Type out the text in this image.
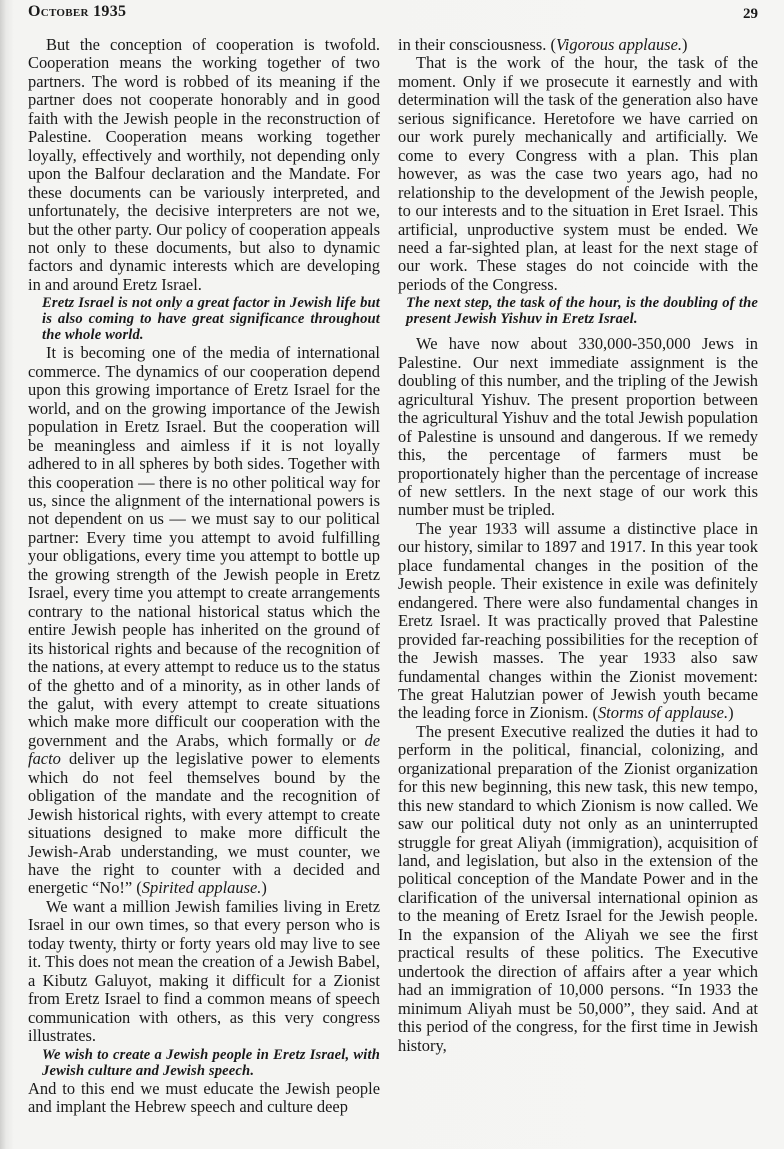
October 1935	29

But the conception of cooperation is twofold. Cooperation means the working together of two partners. The word is robbed of its meaning if the partner does not cooperate honorably and in good faith with the Jewish people in the reconstruction of Palestine. Cooperation means working together loyally, effectively and worthily, not depending only upon the Balfour declaration and the Mandate. For these documents can be variously interpreted, and unfortunately, the decisive interpreters are not we, but the other party. Our policy of cooperation appeals not only to these documents, but also to dynamic factors and dynamic interests which are developing in and around Eretz Israel.

Eretz Israel is not only a great factor in Jewish life but is also coming to have great significance throughout the whole world.

It is becoming one of the media of international commerce. The dynamics of our cooperation depend upon this growing importance of Eretz Israel for the world, and on the growing importance of the Jewish population in Eretz Israel. But the cooperation will be meaningless and aimless if it is not loyally adhered to in all spheres by both sides. Together with this cooperation — there is no other political way for us, since the alignment of the international powers is not dependent on us — we must say to our political partner: Every time you attempt to avoid fulfilling your obligations, every time you attempt to bottle up the growing strength of the Jewish people in Eretz Israel, every time you attempt to create arrangements contrary to the national historical status which the entire Jewish people has inherited on the ground of its historical rights and because of the recognition of the nations, at every attempt to reduce us to the status of the ghetto and of a minority, as in other lands of the galut, with every attempt to create situations which make more difficult our cooperation with the government and the Arabs, which formally or de facto deliver up the legislative power to elements which do not feel themselves bound by the obligation of the mandate and the recognition of Jewish historical rights, with every attempt to create situations designed to make more difficult the Jewish-Arab understanding, we must counter, we have the right to counter with a decided and energetic “No!” (Spirited applause.)

We want a million Jewish families living in Eretz Israel in our own times, so that every person who is today twenty, thirty or forty years old may live to see it. This does not mean the creation of a Jewish Babel, a Kibutz Galuyot, making it difficult for a Zionist from Eretz Israel to find a common means of speech communication with others, as this very congress illustrates.

We wish to create a Jewish people in Eretz Israel, with Jewish culture and Jewish speech.

And to this end we must educate the Jewish people and implant the Hebrew speech and culture deep

in their consciousness. (Vigorous applause.)

That is the work of the hour, the task of the moment. Only if we prosecute it earnestly and with determination will the task of the generation also have serious significance. Heretofore we have carried on our work purely mechanically and artificially. We come to every Congress with a plan. This plan however, as was the case two years ago, had no relationship to the development of the Jewish people, to our interests and to the situation in Eret Israel. This artificial, unproductive system must be ended. We need a far-sighted plan, at least for the next stage of our work. These stages do not coincide with the periods of the Congress.

The next step, the task of the hour, is the doubling of the present Jewish Yishuv in Eretz Israel.

We have now about 330,000-350,000 Jews in Palestine. Our next immediate assignment is the doubling of this number, and the tripling of the Jewish agricultural Yishuv. The present proportion between the agricultural Yishuv and the total Jewish population of Palestine is unsound and dangerous. If we remedy this, the percentage of farmers must be proportionately higher than the percentage of increase of new settlers. In the next stage of our work this number must be tripled.

The year 1933 will assume a distinctive place in our history, similar to 1897 and 1917. In this year took place fundamental changes in the position of the Jewish people. Their existence in exile was definitely endangered. There were also fundamental changes in Eretz Israel. It was practically proved that Palestine provided far-reaching possibilities for the reception of the Jewish masses. The year 1933 also saw fundamental changes within the Zionist movement: The great Halutzian power of Jewish youth became the leading force in Zionism. (Storms of applause.)

The present Executive realized the duties it had to perform in the political, financial, colonizing, and organizational preparation of the Zionist organization for this new beginning, this new task, this new tempo, this new standard to which Zionism is now called. We saw our political duty not only as an uninterrupted struggle for great Aliyah (immigration), acquisition of land, and legislation, but also in the extension of the political conception of the Mandate Power and in the clarification of the universal international opinion as to the meaning of Eretz Israel for the Jewish people. In the expansion of the Aliyah we see the first practical results of these politics. The Executive undertook the direction of affairs after a year which had an immigration of 10,000 persons. “In 1933 the minimum Aliyah must be 50,000”, they said. And at this period of the congress, for the first time in Jewish history,
